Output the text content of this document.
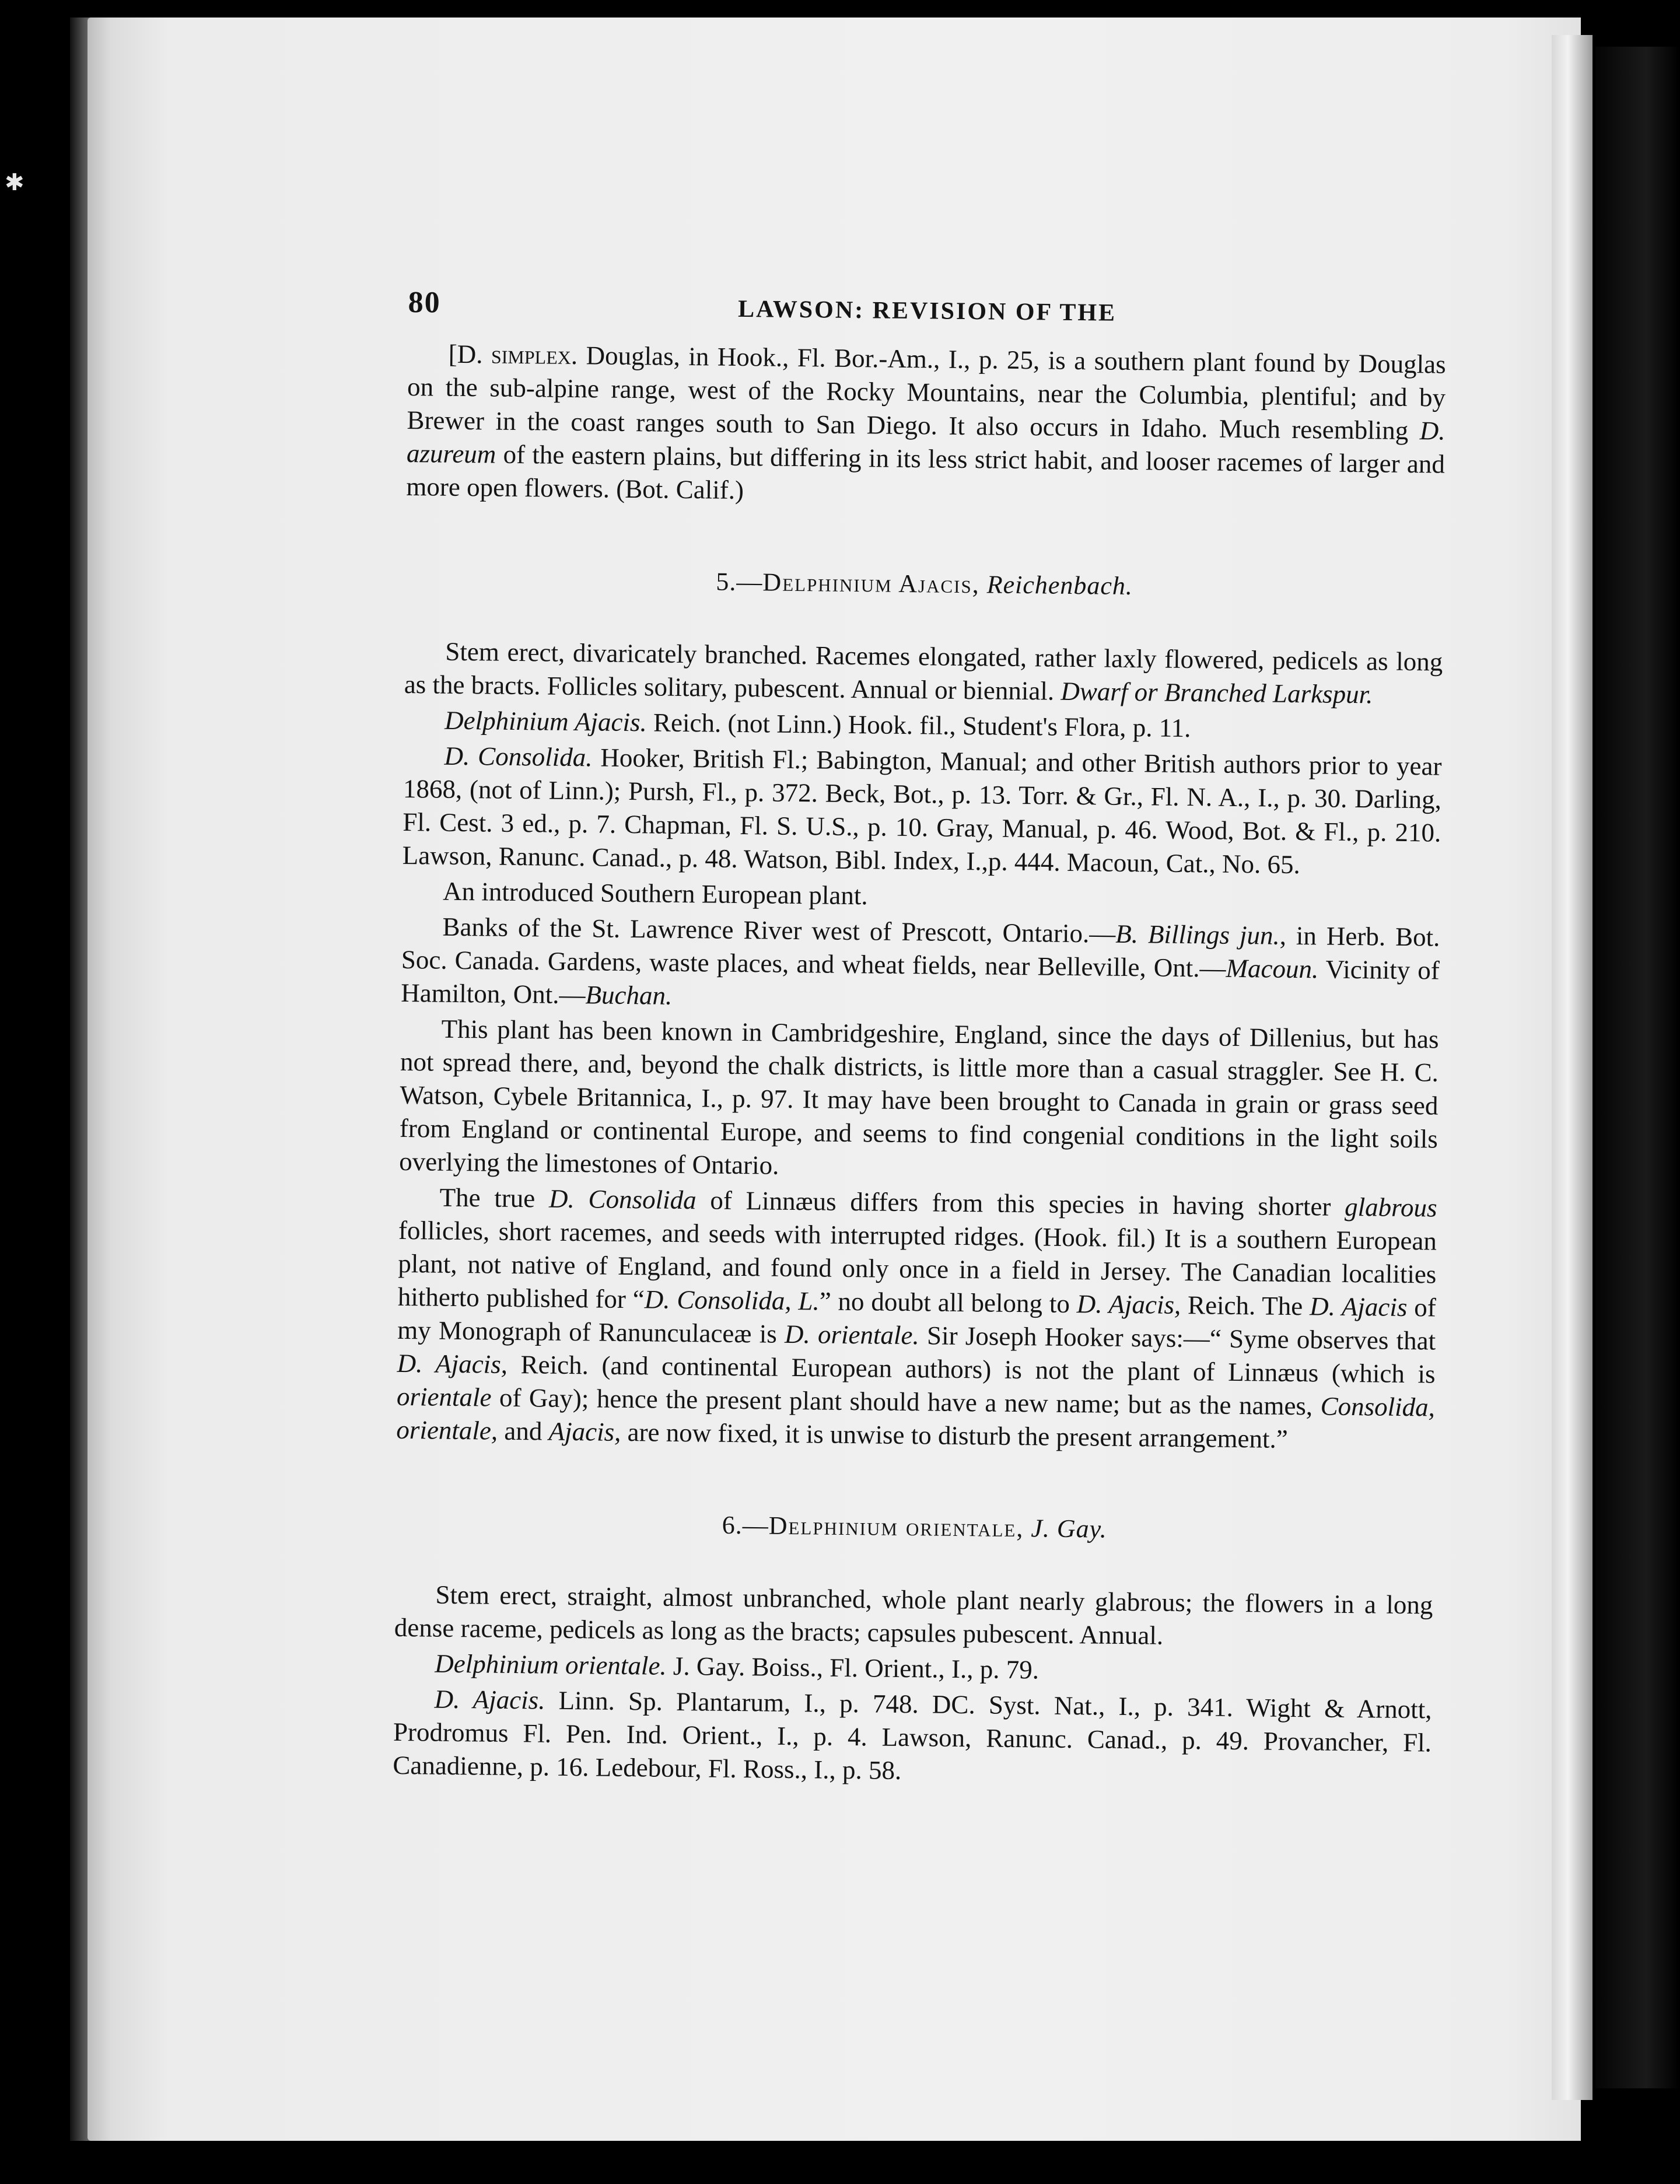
✱
80	LAWSON: REVISION OF THE

[D. simplex. Douglas, in Hook., Fl. Bor.-Am., I., p. 25, is a southern plant found by Douglas on the sub-alpine range, west of the Rocky Mountains, near the Columbia, plentiful; and by Brewer in the coast ranges south to San Diego. It also occurs in Idaho. Much resembling D. azureum of the eastern plains, but differing in its less strict habit, and looser racemes of larger and more open flowers. (Bot. Calif.)

5.—Delphinium Ajacis, Reichenbach.

Stem erect, divaricately branched. Racemes elongated, rather laxly flowered, pedicels as long as the bracts. Follicles solitary, pubescent. Annual or biennial. Dwarf or Branched Larkspur.

Delphinium Ajacis. Reich. (not Linn.) Hook. fil., Student's Flora, p. 11.

D. Consolida. Hooker, British Fl.; Babington, Manual; and other British authors prior to year 1868, (not of Linn.); Pursh, Fl., p. 372. Beck, Bot., p. 13. Torr. & Gr., Fl. N. A., I., p. 30. Darling, Fl. Cest. 3 ed., p. 7. Chapman, Fl. S. U.S., p. 10. Gray, Manual, p. 46. Wood, Bot. & Fl., p. 210. Lawson, Ranunc. Canad., p. 48. Watson, Bibl. Index, I.,p. 444. Macoun, Cat., No. 65.

An introduced Southern European plant.

Banks of the St. Lawrence River west of Prescott, Ontario.—B. Billings jun., in Herb. Bot. Soc. Canada. Gardens, waste places, and wheat fields, near Belleville, Ont.—Macoun. Vicinity of Hamilton, Ont.—Buchan.

This plant has been known in Cambridgeshire, England, since the days of Dillenius, but has not spread there, and, beyond the chalk districts, is little more than a casual straggler. See H. C. Watson, Cybele Britannica, I., p. 97. It may have been brought to Canada in grain or grass seed from England or continental Europe, and seems to find congenial conditions in the light soils overlying the limestones of Ontario.

The true D. Consolida of Linnæus differs from this species in having shorter glabrous follicles, short racemes, and seeds with interrupted ridges. (Hook. fil.) It is a southern European plant, not native of England, and found only once in a field in Jersey. The Canadian localities hitherto published for “D. Consolida, L.” no doubt all belong to D. Ajacis, Reich. The D. Ajacis of my Monograph of Ranunculaceæ is D. orientale. Sir Joseph Hooker says:—“ Syme observes that D. Ajacis, Reich. (and continental European authors) is not the plant of Linnæus (which is orientale of Gay); hence the present plant should have a new name; but as the names, Consolida, orientale, and Ajacis, are now fixed, it is unwise to disturb the present arrangement.”

6.—Delphinium orientale, J. Gay.

Stem erect, straight, almost unbranched, whole plant nearly glabrous; the flowers in a long dense raceme, pedicels as long as the bracts; capsules pubescent. Annual.

Delphinium orientale. J. Gay. Boiss., Fl. Orient., I., p. 79.

D. Ajacis. Linn. Sp. Plantarum, I., p. 748. DC. Syst. Nat., I., p. 341. Wight & Arnott, Prodromus Fl. Pen. Ind. Orient., I., p. 4. Lawson, Ranunc. Canad., p. 49. Provancher, Fl. Canadienne, p. 16. Ledebour, Fl. Ross., I., p. 58.
